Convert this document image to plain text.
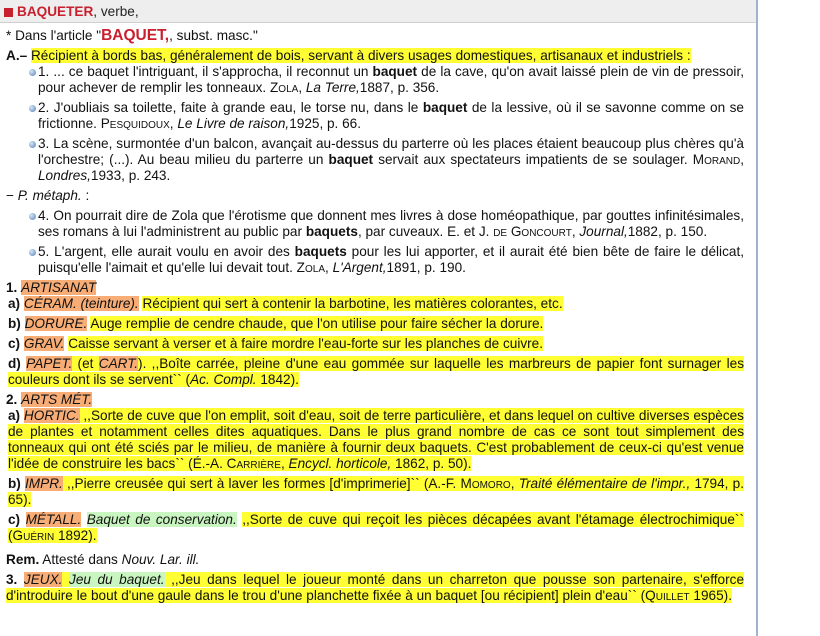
BAQUETER, verbe,

* Dans l'article "BAQUET,, subst. masc."

A.– Récipient à bords bas, généralement de bois, servant à divers usages domestiques, artisanaux et industriels :

1. ... ce baquet l'intriguant, il s'approcha, il reconnut un baquet de la cave, qu'on avait laissé plein de vin de pressoir, pour achever de remplir les tonneaux. Zola, La Terre,1887, p. 356.

2. J'oubliais sa toilette, faite à grande eau, le torse nu, dans le baquet de la lessive, où il se savonne comme on se frictionne. Pesquidoux, Le Livre de raison,1925, p. 66.

3. La scène, surmontée d'un balcon, avançait au-dessus du parterre où les places étaient beaucoup plus chères qu'à l'orchestre; (...). Au beau milieu du parterre un baquet servait aux spectateurs impatients de se soulager. Morand, Londres,1933, p. 243.

− P. métaph. :

4. On pourrait dire de Zola que l'érotisme que donnent mes livres à dose homéopathique, par gouttes infinitésimales, ses romans à lui l'administrent au public par baquets, par cuveaux. E. et J. de Goncourt, Journal,1882, p. 150.

5. L'argent, elle aurait voulu en avoir des baquets pour les lui apporter, et il aurait été bien bête de faire le délicat, puisqu'elle l'aimait et qu'elle lui devait tout. Zola, L'Argent,1891, p. 190.

1. ARTISANAT

a) CÉRAM. (teinture). Récipient qui sert à contenir la barbotine, les matières colorantes, etc.

b) DORURE. Auge remplie de cendre chaude, que l'on utilise pour faire sécher la dorure.

c) GRAV. Caisse servant à verser et à faire mordre l'eau-forte sur les planches de cuivre.

d) PAPET. (et CART.). ,,Boîte carrée, pleine d'une eau gommée sur laquelle les marbreurs de papier font surnager les couleurs dont ils se servent`` (Ac. Compl. 1842).

2. ARTS MÉT.

a) HORTIC. ,,Sorte de cuve que l'on emplit, soit d'eau, soit de terre particulière, et dans lequel on cultive diverses espèces de plantes et notamment celles dites aquatiques. Dans le plus grand nombre de cas ce sont tout simplement des tonneaux qui ont été sciés par le milieu, de manière à fournir deux baquets. C'est probablement de ceux-ci qu'est venue l'idée de construire les bacs`` (É.-A. Carrière, Encycl. horticole, 1862, p. 50).

b) IMPR. ,,Pierre creusée qui sert à laver les formes [d'imprimerie]`` (A.-F. Momoro, Traité élémentaire de l'impr., 1794, p. 65).

c) MÉTALL. Baquet de conservation. ,,Sorte de cuve qui reçoit les pièces décapées avant l'étamage électrochimique`` (Guérin 1892).

Rem. Attesté dans Nouv. Lar. ill.

3. JEUX. Jeu du baquet. ,,Jeu dans lequel le joueur monté dans un charreton que pousse son partenaire, s'efforce d'introduire le bout d'une gaule dans le trou d'une planchette fixée à un baquet [ou récipient] plein d'eau`` (Quillet 1965).
